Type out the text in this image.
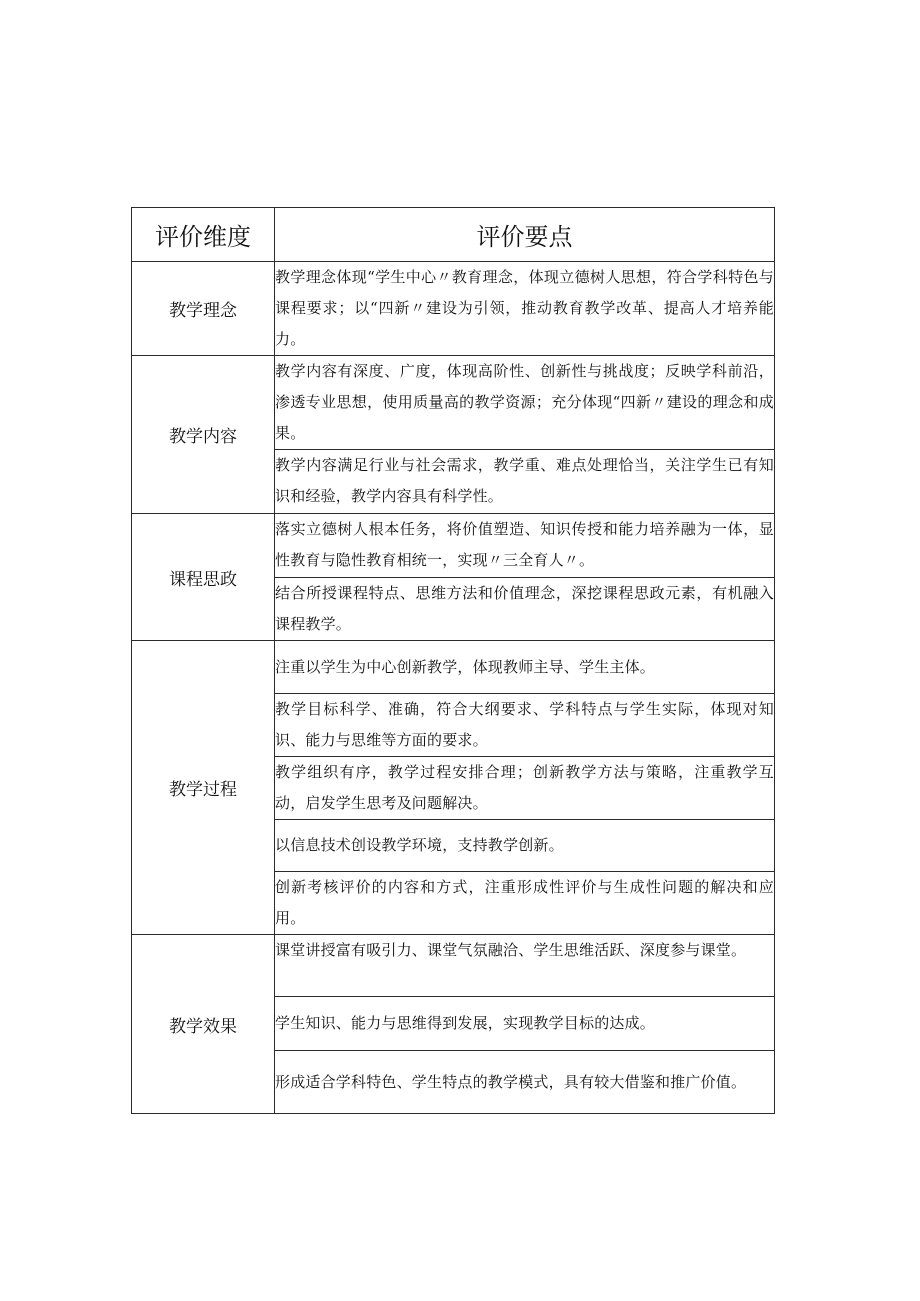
评价维度	评价要点
教学理念	教学理念体现“学生中心〃教育理念，体现立德树人思想，符合学科特色与课程要求；以“四新〃建设为引领，推动教育教学改革、提高人才培养能力。
教学内容	教学内容有深度、广度，体现高阶性、创新性与挑战度；反映学科前沿，渗透专业思想，使用质量高的教学资源；充分体现“四新〃建设的理念和成果。
	教学内容满足行业与社会需求，教学重、难点处理恰当，关注学生已有知识和经验，教学内容具有科学性。
课程思政	落实立德树人根本任务，将价值塑造、知识传授和能力培养融为一体，显性教育与隐性教育相统一，实现〃三全育人〃。
	结合所授课程特点、思维方法和价值理念，深挖课程思政元素，有机融入课程教学。
教学过程	注重以学生为中心创新教学，体现教师主导、学生主体。
	教学目标科学、准确，符合大纲要求、学科特点与学生实际，体现对知识、能力与思维等方面的要求。
	教学组织有序，教学过程安排合理；创新教学方法与策略，注重教学互动，启发学生思考及问题解决。
	以信息技术创设教学环境，支持教学创新。
	创新考核评价的内容和方式，注重形成性评价与生成性问题的解决和应用。
教学效果	课堂讲授富有吸引力、课堂气氛融洽、学生思维活跃、深度参与课堂。
	学生知识、能力与思维得到发展，实现教学目标的达成。
	形成适合学科特色、学生特点的教学模式，具有较大借鉴和推广价值。
